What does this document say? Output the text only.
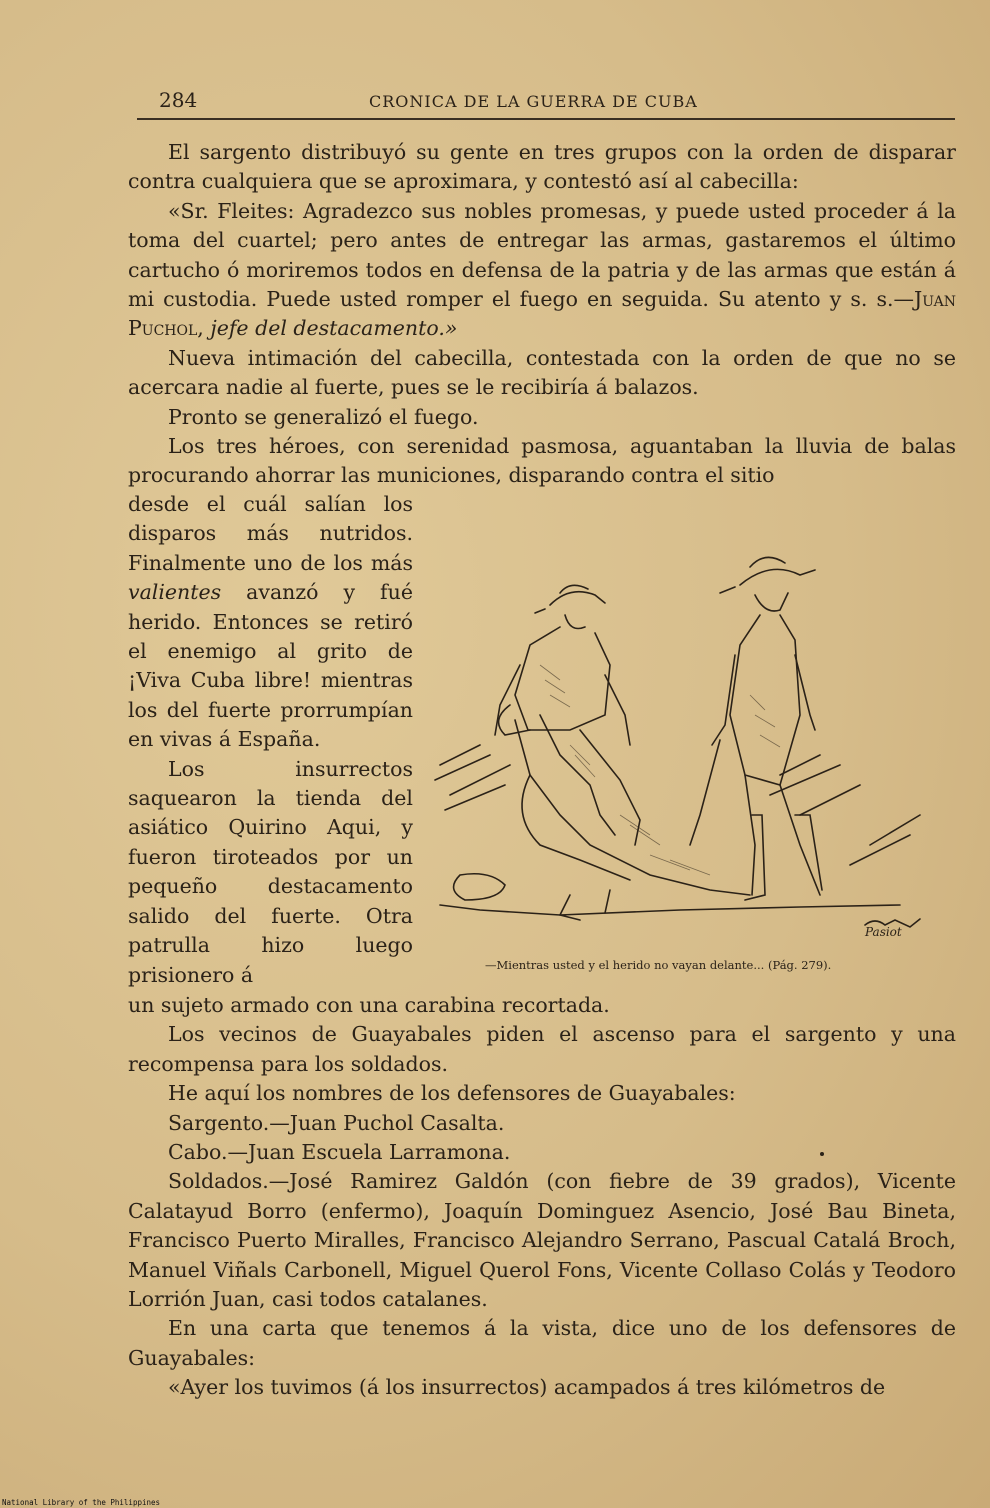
284	CRONICA DE LA GUERRA DE CUBA

El sargento distribuyó su gente en tres grupos con la orden de disparar contra cualquiera que se aproximara, y contestó así al cabecilla:

«Sr. Fleites: Agradezco sus nobles promesas, y puede usted proceder á la toma del cuartel; pero antes de entregar las armas, gastaremos el último cartucho ó moriremos todos en defensa de la patria y de las armas que están á mi custodia. Puede usted romper el fuego en seguida. Su atento y s. s.—Juan Puchol, jefe del destacamento.»

Nueva intimación del cabecilla, contestada con la orden de que no se acercara nadie al fuerte, pues se le recibiría á balazos.

Pronto se generalizó el fuego.

Los tres héroes, con serenidad pasmosa, aguantaban la lluvia de balas procurando ahorrar las municiones, disparando contra el sitio

desde el cuál salían los disparos más nutridos. Finalmente uno de los más valientes avanzó y fué herido. Entonces se retiró el enemigo al grito de ¡Viva Cuba libre! mientras los del fuerte prorrumpían en vivas á España.

Los insurrectos saquearon la tienda del asiático Quirino Aqui, y fueron tiroteados por un pequeño destacamento salido del fuerte. Otra patrulla hizo luego prisionero á	—Mientras usted y el herido no vayan delante... (Pág. 279).
Pasiot

un sujeto armado con una carabina recortada.

Los vecinos de Guayabales piden el ascenso para el sargento y una recompensa para los soldados.

He aquí los nombres de los defensores de Guayabales:

Sargento.—Juan Puchol Casalta.

Cabo.—Juan Escuela Larramona.

Soldados.—José Ramirez Galdón (con fiebre de 39 grados), Vicente Calatayud Borro (enfermo), Joaquín Dominguez Asencio, José Bau Bineta, Francisco Puerto Miralles, Francisco Alejandro Serrano, Pascual Catalá Broch, Manuel Viñals Carbonell, Miguel Querol Fons, Vicente Collaso Colás y Teodoro Lorrión Juan, casi todos catalanes.

En una carta que tenemos á la vista, dice uno de los defensores de Guayabales:

«Ayer los tuvimos (á los insurrectos) acampados á tres kilómetros de

National Library of the Philippines
